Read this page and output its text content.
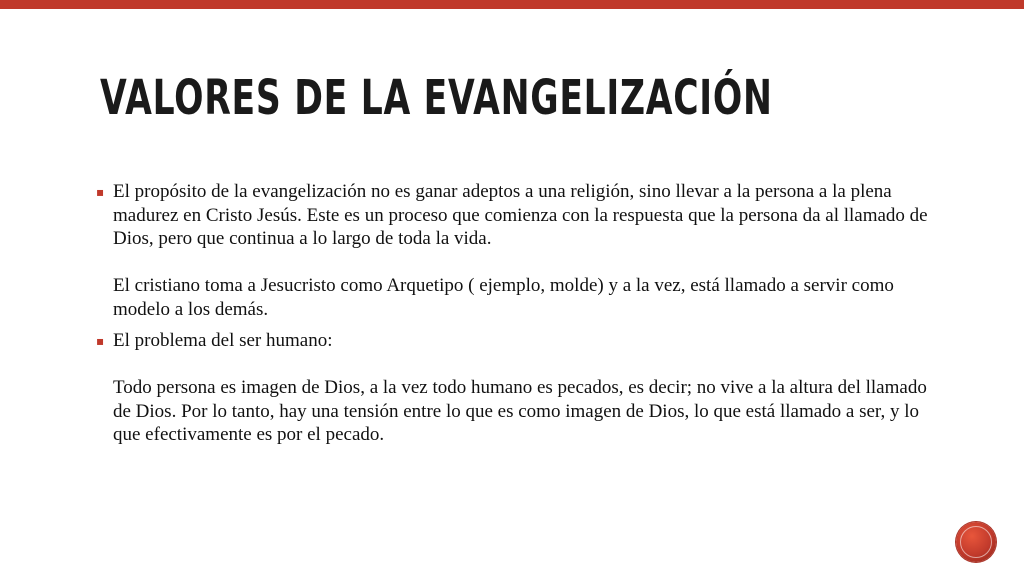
VALORES DE LA EVANGELIZACIÓN
▪ El propósito de la evangelización no es ganar adeptos a una religión, sino llevar a la persona a la plena madurez en Cristo Jesús. Este es un proceso que comienza con la respuesta que la persona da al llamado de Dios, pero que continua a lo largo de toda la vida.

El cristiano toma a Jesucristo como Arquetipo ( ejemplo, molde) y a la vez, está llamado a servir como modelo a los demás.

▪ El problema del ser humano:

Todo persona es imagen de Dios, a la vez todo humano es pecados, es decir; no vive a la altura del llamado de Dios. Por lo tanto, hay una tensión entre lo que es como imagen de Dios, lo que está llamado a ser, y lo que efectivamente es por el pecado.
